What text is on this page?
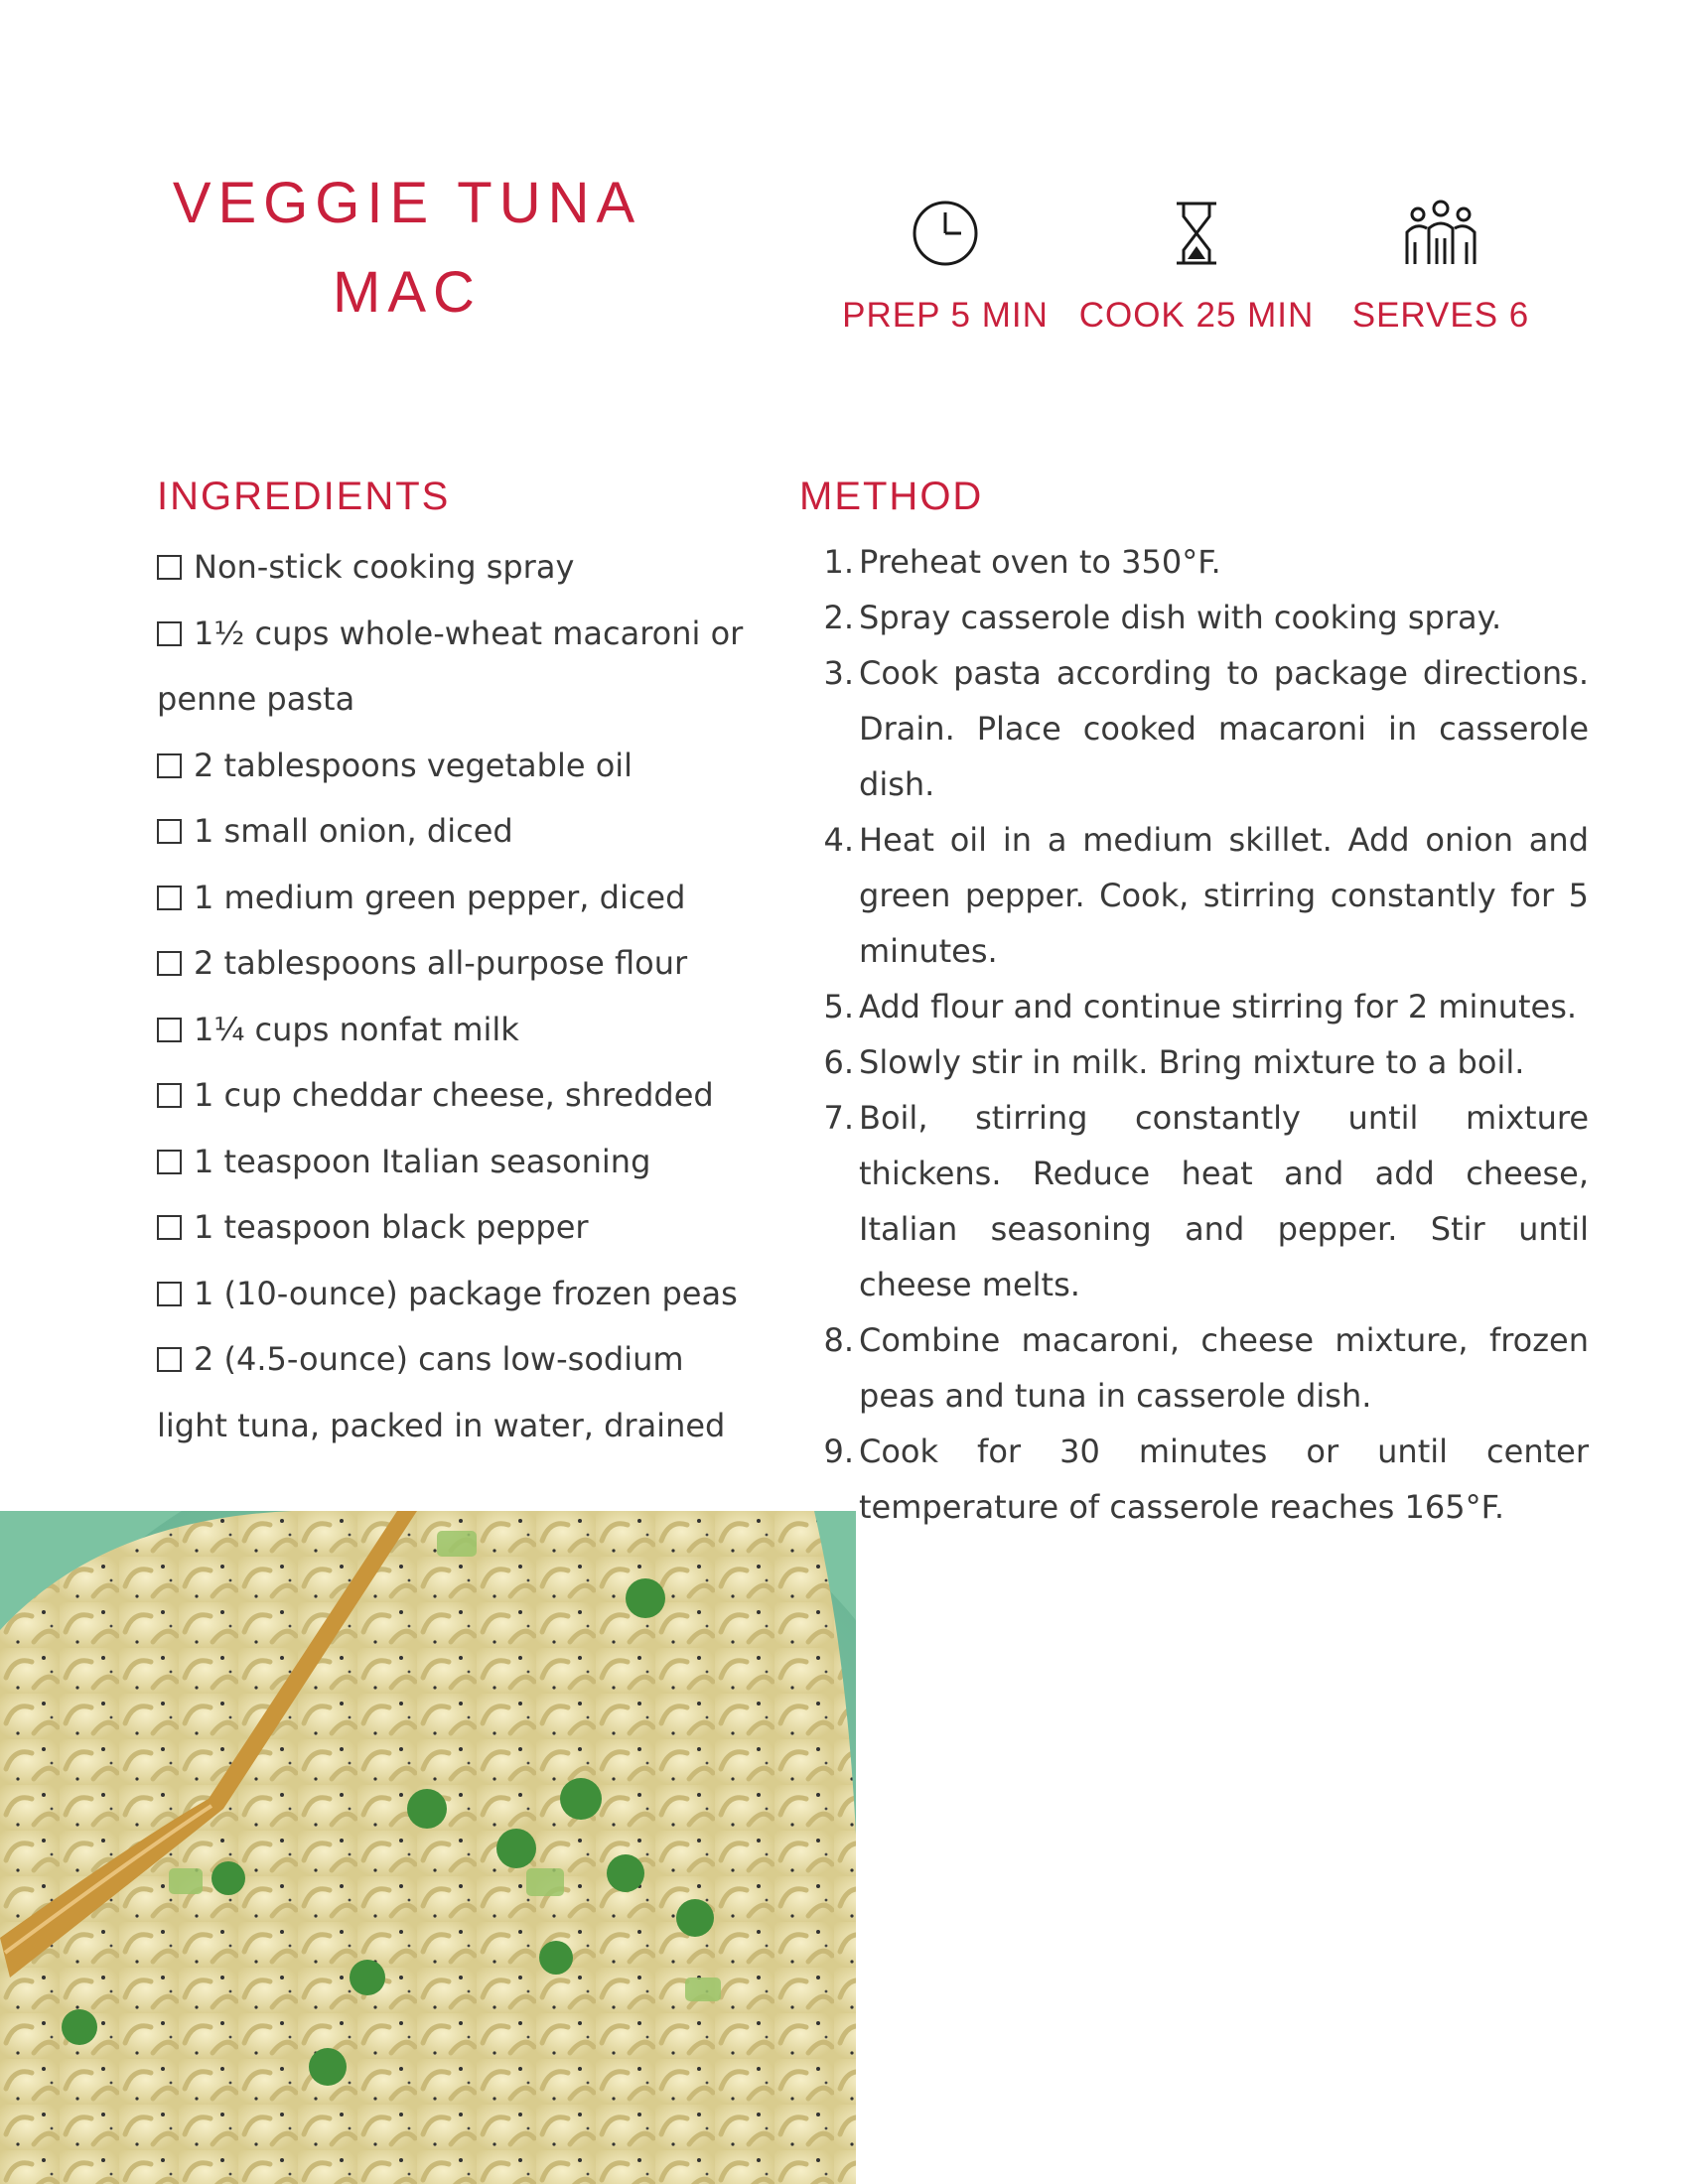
VEGGIE TUNA
MAC	PREP 5 MIN COOK 25 MIN	SERVES 6
INGREDIENTS
Non-stick cooking spray
1½ cups whole-wheat macaroni or penne pasta
2 tablespoons vegetable oil
1 small onion, diced
1 medium green pepper, diced
2 tablespoons all-purpose flour
1¼ cups nonfat milk
1 cup cheddar cheese, shredded
1 teaspoon Italian seasoning
1 teaspoon black pepper
1 (10-ounce) package frozen peas
2 (4.5-ounce) cans low-sodium light tuna, packed in water, drained
METHOD
1. Preheat oven to 350°F.
2. Spray casserole dish with cooking spray.
3. Cook pasta according to package directions. Drain. Place cooked macaroni in casserole dish.
4. Heat oil in a medium skillet. Add onion and green pepper. Cook, stirring constantly for 5 minutes.
5. Add flour and continue stirring for 2 minutes.
6. Slowly stir in milk. Bring mixture to a boil.
7. Boil, stirring constantly until mixture thickens. Reduce heat and add cheese, Italian seasoning and pepper. Stir until cheese melts.
8. Combine macaroni, cheese mixture, frozen peas and tuna in casserole dish.
9. Cook for 30 minutes or until center temperature of casserole reaches 165°F.
